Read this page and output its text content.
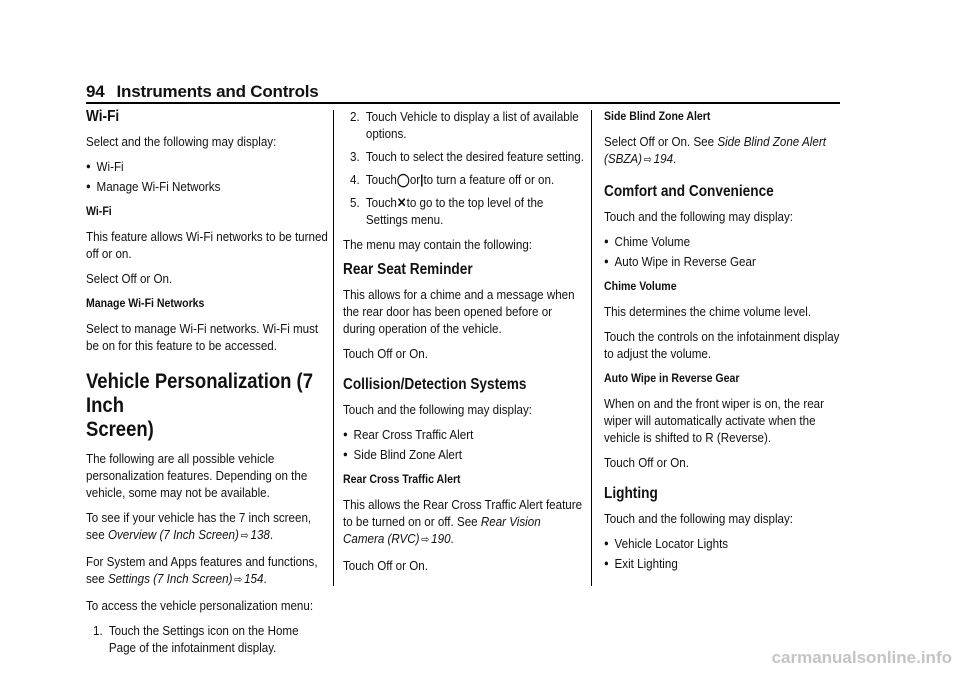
94 Instruments and Controls
Wi-Fi

Select and the following may display:

● Wi-Fi
● Manage Wi-Fi Networks
Wi-Fi

This feature allows Wi-Fi networks to be turned off or on.

Select Off or On.

Manage Wi-Fi Networks

Select to manage Wi-Fi networks. Wi-Fi must be on for this feature to be accessed.

Vehicle Personalization (7 Inch
Screen)

The following are all possible vehicle personalization features. Depending on the vehicle, some may not be available.

To see if your vehicle has the 7 inch screen, see Overview (7 Inch Screen) ⇨ 138.

For System and Apps features and functions, see Settings (7 Inch Screen) ⇨ 154.

To access the vehicle personalization menu:

1. Touch the Settings icon on the Home Page of the infotainment display.
2. Touch Vehicle to display a list of available options.
3. Touch to select the desired feature setting.
4. Touch◯or|to turn a feature off or on.
5. Touch✕to go to the top level of the Settings menu.

The menu may contain the following:

Rear Seat Reminder

This allows for a chime and a message when the rear door has been opened before or during operation of the vehicle.

Touch Off or On.

Collision/Detection Systems

Touch and the following may display:

● Rear Cross Traffic Alert
● Side Blind Zone Alert
Rear Cross Traffic Alert

This allows the Rear Cross Traffic Alert feature to be turned on or off. See Rear Vision Camera (RVC) ⇨ 190.

Touch Off or On.

Side Blind Zone Alert

Select Off or On. See Side Blind Zone Alert (SBZA) ⇨ 194.

Comfort and Convenience

Touch and the following may display:

● Chime Volume
● Auto Wipe in Reverse Gear
Chime Volume

This determines the chime volume level.

Touch the controls on the infotainment display to adjust the volume.

Auto Wipe in Reverse Gear

When on and the front wiper is on, the rear wiper will automatically activate when the vehicle is shifted to R (Reverse).

Touch Off or On.

Lighting

Touch and the following may display:

● Vehicle Locator Lights
● Exit Lighting
carmanualsonline.info
